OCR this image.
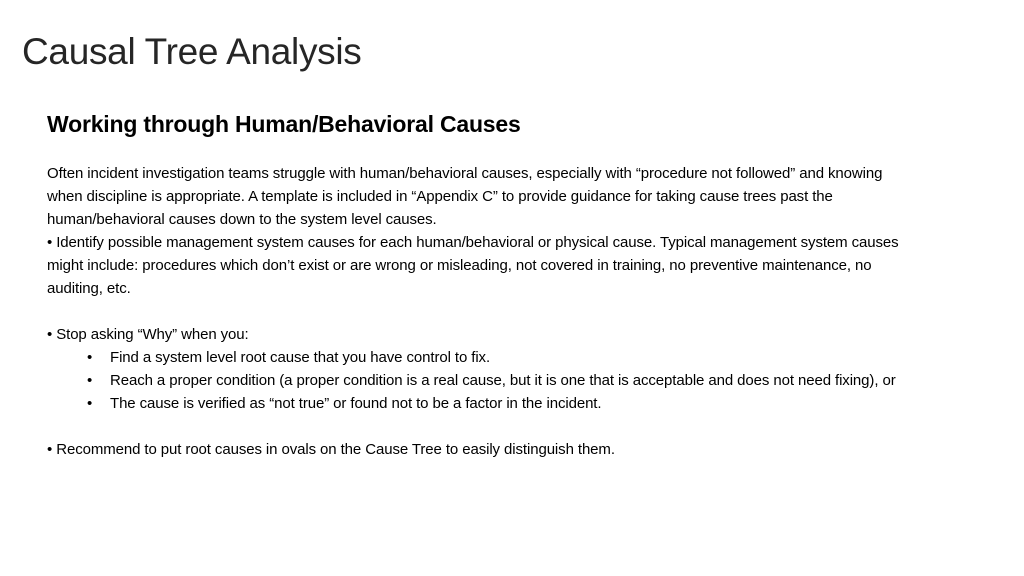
Causal Tree Analysis
Working through Human/Behavioral Causes

Often incident investigation teams struggle with human/behavioral causes, especially with “procedure not followed” and knowing when discipline is appropriate. A template is included in “Appendix C” to provide guidance for taking cause trees past the human/behavioral causes down to the system level causes.

• Identify possible management system causes for each human/behavioral or physical cause. Typical management system causes might include: procedures which don’t exist or are wrong or misleading, not covered in training, no preventive maintenance, no auditing, etc.

• Stop asking “Why” when you:

• Find a system level root cause that you have control to fix.
• Reach a proper condition (a proper condition is a real cause, but it is one that is acceptable and does not need fixing), or
• The cause is verified as “not true” or found not to be a factor in the incident.

• Recommend to put root causes in ovals on the Cause Tree to easily distinguish them.
